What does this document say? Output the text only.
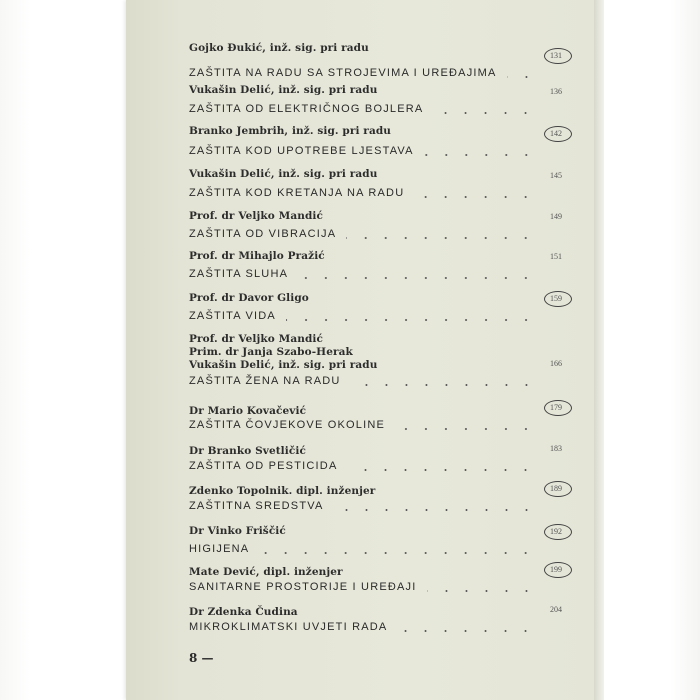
Gojko Đukić, inž. sig. pri radu
ZAŠTITA NA RADU SA STROJEVIMA I UREĐAJIMA
131
Vukašin Delić, inž. sig. pri radu
ZAŠTITA OD ELEKTRIČNOG BOJLERA
136
Branko Jembrih, inž. sig. pri radu
ZAŠTITA KOD UPOTREBE LJESTAVA
142
Vukašin Delić, inž. sig. pri radu
ZAŠTITA KOD KRETANJA NA RADU
145
Prof. dr Veljko Mandić
ZAŠTITA OD VIBRACIJA
149
Prof. dr Mihajlo Pražić
ZAŠTITA SLUHA
151
Prof. dr Davor Gligo
ZAŠTITA VIDA
159
Prof. dr Veljko Mandić
Prim. dr Janja Szabo-Herak
Vukašin Delić, inž. sig. pri radu
ZAŠTITA ŽENA NA RADU
166
Dr Mario Kovačević
ZAŠTITA ČOVJEKOVE OKOLINE
179
Dr Branko Svetličić
ZAŠTITA OD PESTICIDA
183
Zdenko Topolnik. dipl. inženjer
ZAŠTITNA SREDSTVA
189
Dr Vinko Friščić
HIGIJENA
192
Mate Dević, dipl. inženjer
SANITARNE PROSTORIJE I UREĐAJI
199
Dr Zdenka Čudina
MIKROKLIMATSKI UVJETI RADA
204
8 —
